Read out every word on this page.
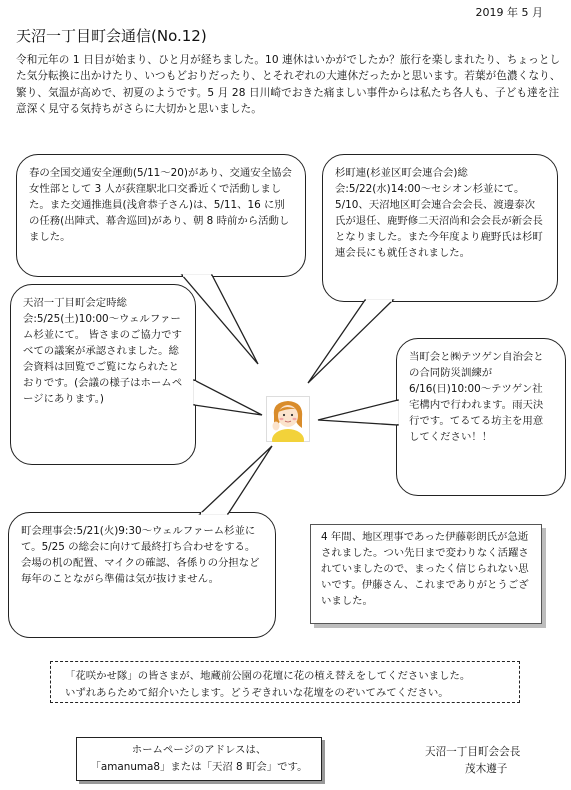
2019 年 5 月
天沼一丁目町会通信(No.12)
令和元年の 1 日目が始まり、ひと月が経ちました。10 連休はいかがでしたか？旅行を楽しまれたり、ちょっとした気分転換に出かけたり、いつもどおりだったり、とそれぞれの大連休だったかと思います。若葉が色濃くなり、繁り、気温が高めで、初夏のようです。5 月 28 日川崎でおきた痛ましい事件からは私たち各人も、子ども達を注意深く見守る気持ちがさらに大切かと思いました。
春の全国交通安全運動(5/11〜20)があり、交通安全協会女性部として 3 人が荻窪駅北口交番近くで活動しました。また交通推進員(浅倉恭子さん)は、5/11、16 に別の任務(出陣式、幕舎巡回)があり、朝 8 時前から活動しました。
杉町連(杉並区町会連合会)総会:5/22(水)14:00〜セシオン杉並にて。5/10、天沼地区町会連合会会長、渡邊泰次氏が退任、鹿野修二天沼尚和会会長が新会長となりました。また今年度より鹿野氏は杉町連会長にも就任されました。
天沼一丁目町会定時総会:5/25(土)10:00〜ウェルファーム杉並にて。 皆さまのご協力ですべての議案が承認されました。総会資料は回覧でご覧になられたとおりです。(会議の様子はホームページにあります。)
当町会と㈱テツゲン自治会との合同防災訓練が6/16(日)10:00〜テツゲン社宅構内で行われます。雨天決行です。てるてる坊主を用意してください！！
町会理事会:5/21(火)9:30〜ウェルファーム杉並にて。5/25 の総会に向けて最終打ち合わせをする。会場の机の配置、マイクの確認、各係りの分担など毎年のことながら準備は気が抜けません。
4 年間、地区理事であった伊藤彰朗氏が急逝されました。つい先日まで変わりなく活躍されていましたので、まったく信じられない思いです。伊藤さん、これまでありがとうございました。
「花咲かせ隊」の皆さまが、地蔵前公園の花壇に花の植え替えをしてくださいました。
いずれあらためて紹介いたします。どうぞきれいな花壇をのぞいてみてください。
ホームページのアドレスは、
「amanuma8」または「天沼 8 町会」です。
天沼一丁目町会会長
茂木遵子
